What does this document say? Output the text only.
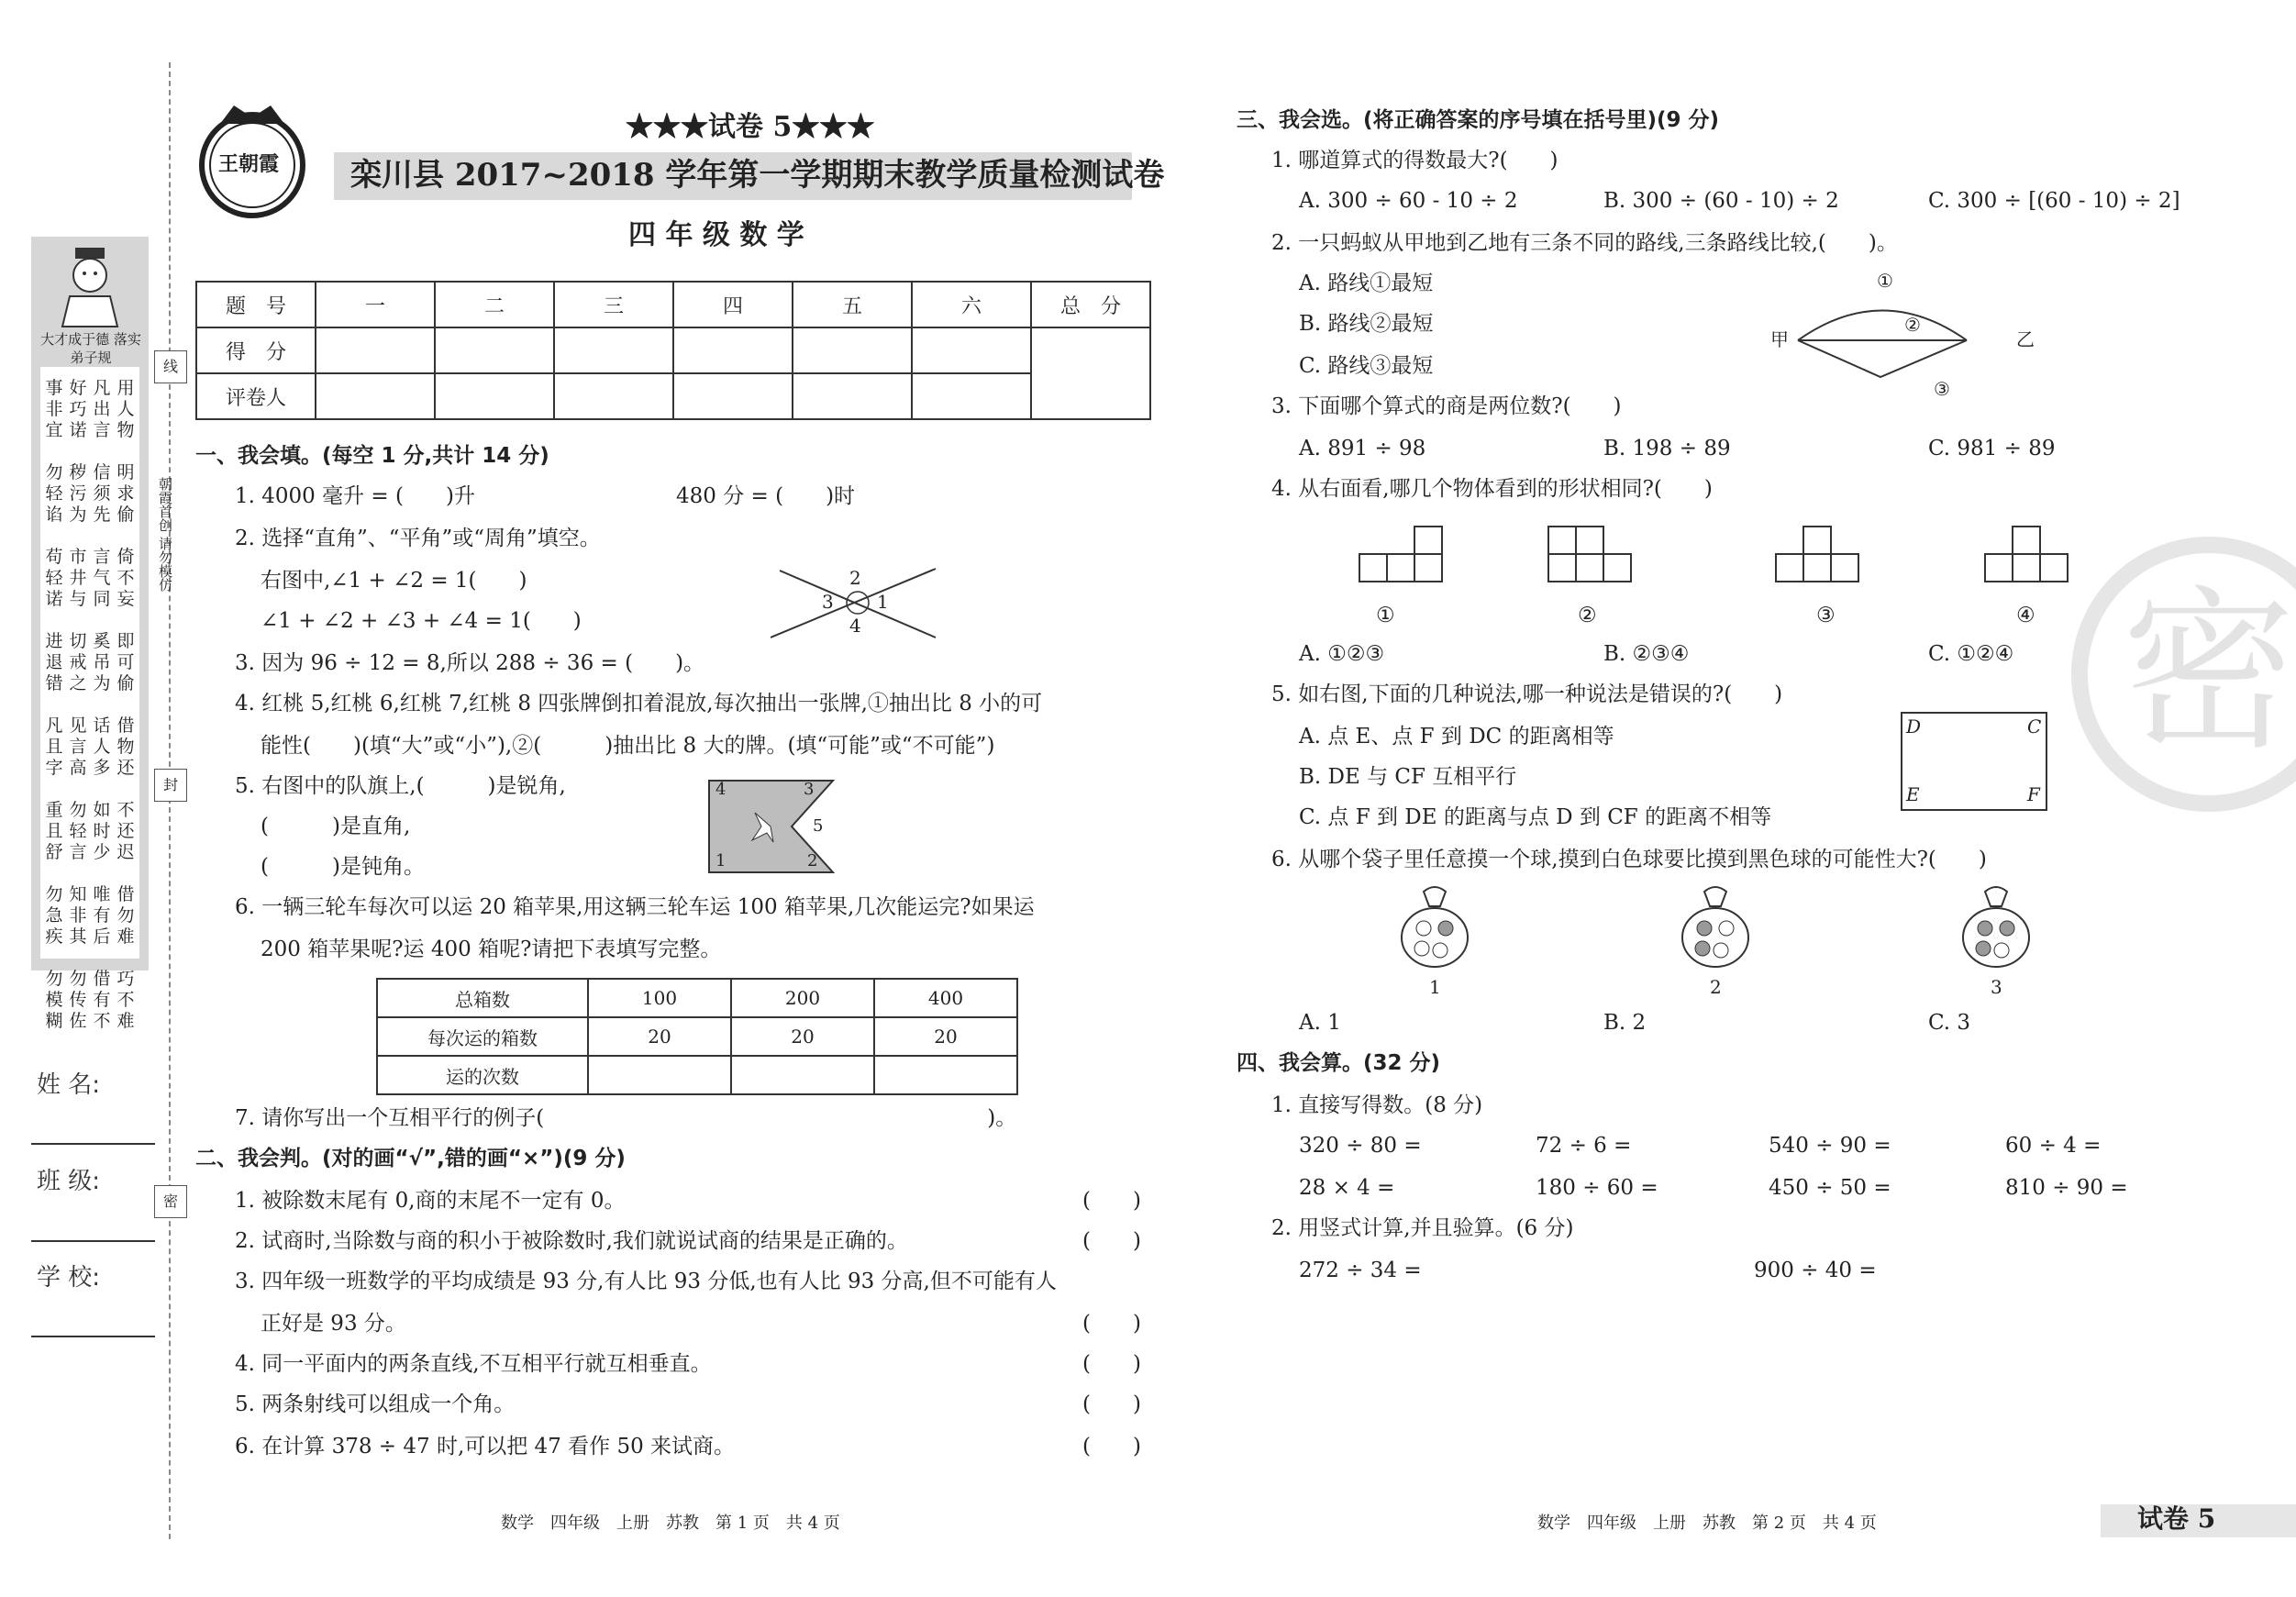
大才成于德 落实弟子规
事非宜

勿轻谄

苟轻诺

进退错

凡且字

重且舒

勿急疾

勿模糊
好巧诺

秽污为

市井与

切戒之

见言高

勿轻言

知非其

勿传佐
凡出言

信须先

言气同

奚吊为

话人多

如时少

唯有后

借有不
用人物

明求偷

倚不妄

即可偷

借物还

不还迟

借勿难

巧不难
线
朝霞首创 请勿模仿
封
密
姓 名:
班 级:
学 校:
王朝霞
★★★试卷 5★★★
栾川县 2017~2018 学年第一学期期末教学质量检测试卷
四 年 级 数 学
题　号	一	二	三	四	五	六	总　分
得　分							
评卷人							
一、我会填。(每空 1 分,共计 14 分)
1. 4000 毫升 = (　　)升	480 分 = (　　)时
2. 选择“直角”、“平角”或“周角”填空。
右图中,∠1 + ∠2 = 1(　　)
∠1 + ∠2 + ∠3 + ∠4 = 1(　　)
2
3 1
4
3. 因为 96 ÷ 12 = 8,所以 288 ÷ 36 = (　　)。
4. 红桃 5,红桃 6,红桃 7,红桃 8 四张牌倒扣着混放,每次抽出一张牌,①抽出比 8 小的可
能性(　　)(填“大”或“小”),②(　　　)抽出比 8 大的牌。(填“可能”或“不可能”)
5. 右图中的队旗上,(　　　)是锐角,
(　　　)是直角,
(　　　)是钝角。
4	3
5
1	2
6. 一辆三轮车每次可以运 20 箱苹果,用这辆三轮车运 100 箱苹果,几次能运完?如果运
200 箱苹果呢?运 400 箱呢?请把下表填写完整。
总箱数	100	200	400
每次运的箱数	20	20	20
运的次数			
7. 请你写出一个互相平行的例子(　　　　　　　　　　　　　　　　　　　　　)。
二、我会判。(对的画“√”,错的画“×”)(9 分)
1. 被除数末尾有 0,商的末尾不一定有 0。
2. 试商时,当除数与商的积小于被除数时,我们就说试商的结果是正确的。
3. 四年级一班数学的平均成绩是 93 分,有人比 93 分低,也有人比 93 分高,但不可能有人
正好是 93 分。
4. 同一平面内的两条直线,不互相平行就互相垂直。
5. 两条射线可以组成一个角。
6. 在计算 378 ÷ 47 时,可以把 47 看作 50 来试商。
(　　)
(　　)
(　　)
(　　)
(　　)
(　　)
数学　四年级　上册　苏教　第 1 页　共 4 页
密
三、我会选。(将正确答案的序号填在括号里)(9 分)
1. 哪道算式的得数最大?(　　)
A. 300 ÷ 60 - 10 ÷ 2	B. 300 ÷ (60 - 10) ÷ 2	C. 300 ÷ [(60 - 10) ÷ 2]
2. 一只蚂蚁从甲地到乙地有三条不同的路线,三条路线比较,(　　)。
A. 路线①最短
B. 路线②最短
C. 路线③最短
①
②
③
甲	乙
3. 下面哪个算式的商是两位数?(　　)
A. 891 ÷ 98	B. 198 ÷ 89	C. 981 ÷ 89
4. 从右面看,哪几个物体看到的形状相同?(　　)
①	②	③	④
A. ①②③	B. ②③④	C. ①②④
5. 如右图,下面的几种说法,哪一种说法是错误的?(　　)
A. 点 E、点 F 到 DC 的距离相等
B. DE 与 CF 互相平行
C. 点 F 到 DE 的距离与点 D 到 CF 的距离不相等
D	C
E	F
6. 从哪个袋子里任意摸一个球,摸到白色球要比摸到黑色球的可能性大?(　　)
1	2	3
A. 1	B. 2	C. 3
四、我会算。(32 分)
1. 直接写得数。(8 分)
320 ÷ 80 =	72 ÷ 6 =	540 ÷ 90 =	60 ÷ 4 =
28 × 4 =	180 ÷ 60 =	450 ÷ 50 =	810 ÷ 90 =
2. 用竖式计算,并且验算。(6 分)
272 ÷ 34 =	900 ÷ 40 =
数学　四年级　上册　苏教　第 2 页　共 4 页	试卷 5
